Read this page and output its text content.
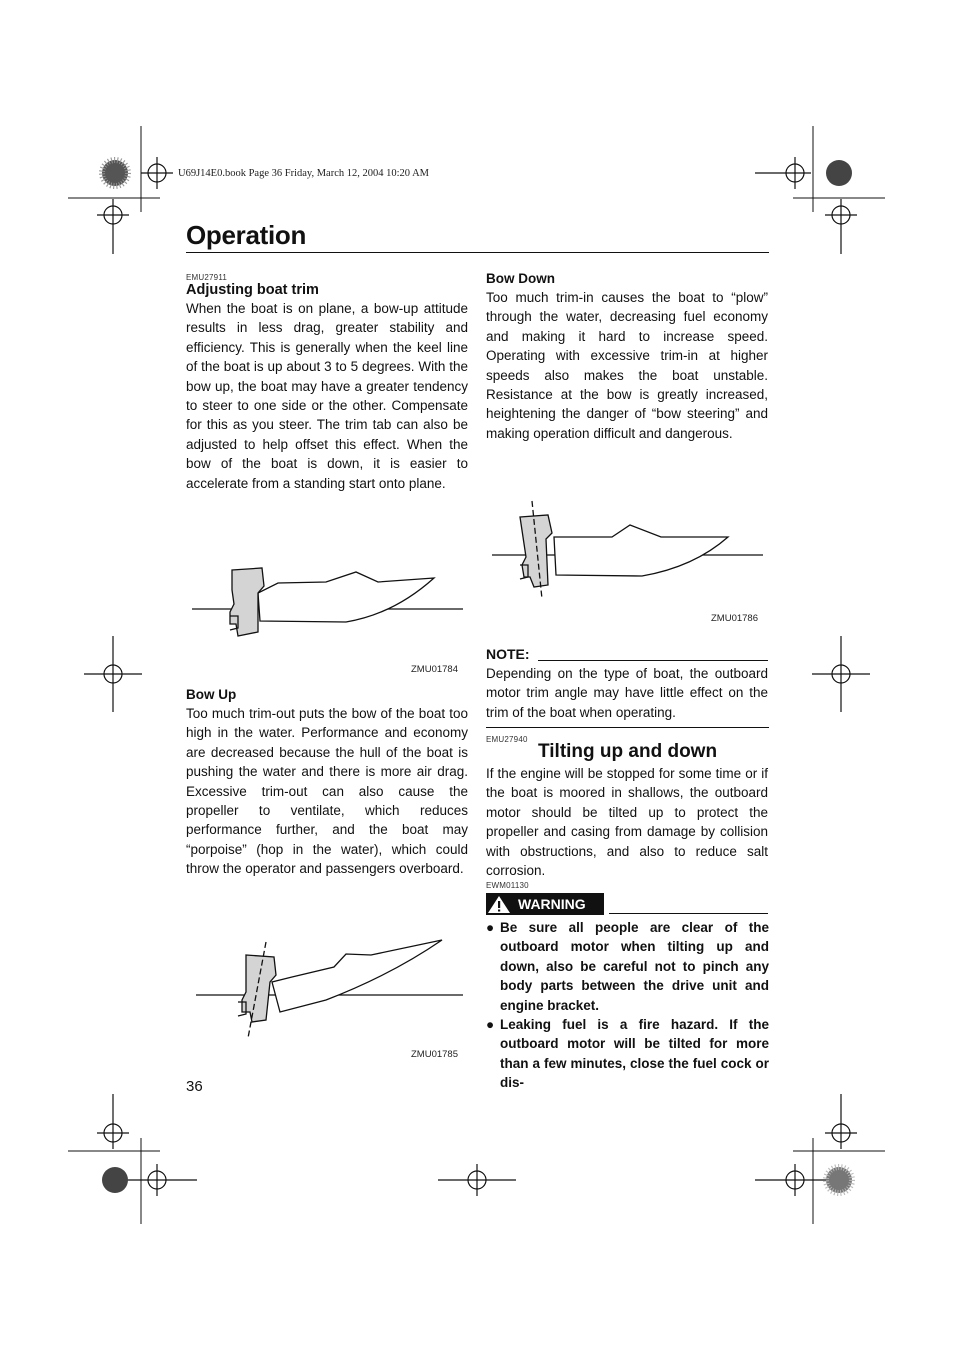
U69J14E0.book Page 36 Friday, March 12, 2004 10:20 AM
Operation
EMU27911
Adjusting boat trim
When the boat is on plane, a bow-up attitude results in less drag, greater stability and efficiency. This is generally when the keel line of the boat is up about 3 to 5 degrees. With the bow up, the boat may have a greater tendency to steer to one side or the other. Compensate for this as you steer. The trim tab can also be adjusted to help offset this effect. When the bow of the boat is down, it is easier to accelerate from a standing start onto plane.
ZMU01784
Bow Up
Too much trim-out puts the bow of the boat too high in the water. Performance and economy are decreased because the hull of the boat is pushing the water and there is more air drag. Excessive trim-out can also cause the propeller to ventilate, which reduces performance further, and the boat may “porpoise” (hop in the water), which could throw the operator and passengers overboard.
ZMU01785
36
Bow Down
Too much trim-in causes the boat to “plow” through the water, decreasing fuel economy and making it hard to increase speed. Operating with excessive trim-in at higher speeds also makes the boat unstable. Resistance at the bow is greatly increased, heightening the danger of “bow steering” and making operation difficult and dangerous.
ZMU01786
NOTE:
Depending on the type of boat, the outboard motor trim angle may have little effect on the trim of the boat when operating.
EMU27940
Tilting up and down
If the engine will be stopped for some time or if the boat is moored in shallows, the outboard motor should be tilted up to protect the propeller and casing from damage by collision with obstructions, and also to reduce salt corrosion.
EWM01130
WARNING
● Be sure all people are clear of the outboard motor when tilting up and down, also be careful not to pinch any body parts between the drive unit and engine bracket.
● Leaking fuel is a fire hazard. If the outboard motor will be tilted for more than a few minutes, close the fuel cock or dis-
